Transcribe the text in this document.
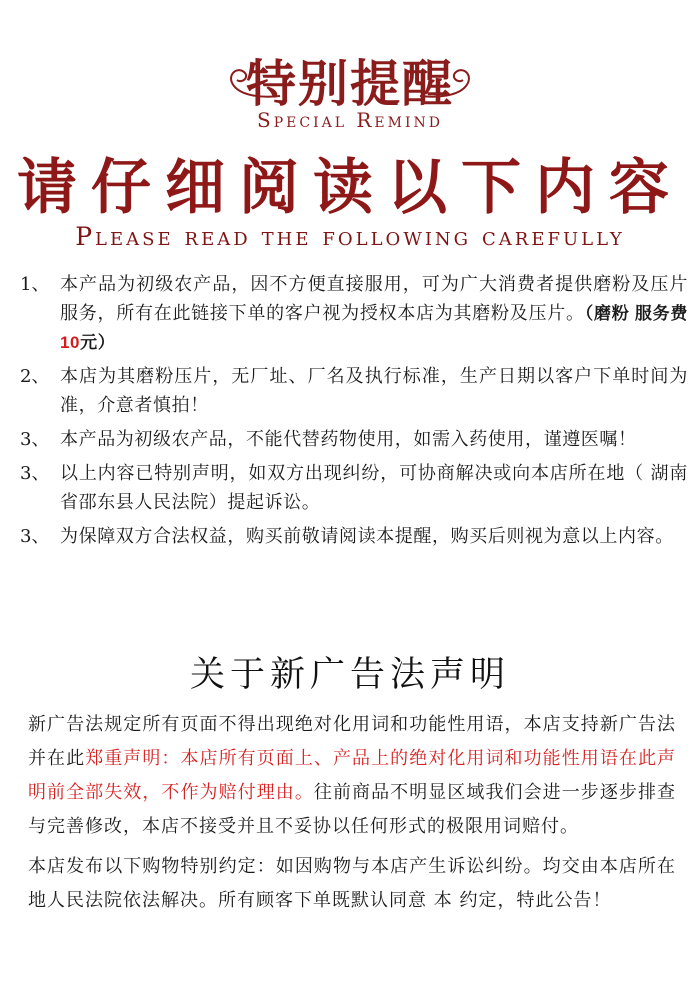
特别提醒
Special Remind
请仔细阅读以下内容
Please read the following carefully
1、 本产品为初级农产品，因不方便直接服用，可为广大消费者提供磨粉及压片服务，所有在此链接下单的客户视为授权本店为其磨粉及压片。（磨粉 服务费10元）
2、 本店为其磨粉压片，无厂址、厂名及执行标准，生产日期以客户下单时间为准，介意者慎拍！
3、 本产品为初级农产品，不能代替药物使用，如需入药使用，谨遵医嘱！
3、 以上内容已特别声明，如双方出现纠纷，可协商解决或向本店所在地（ 湖南省邵东县人民法院）提起诉讼。
3、 为保障双方合法权益，购买前敬请阅读本提醒，购买后则视为意以上内容。
关于新广告法声明

新广告法规定所有页面不得出现绝对化用词和功能性用语，本店支持新广告法并在此郑重声明：本店所有页面上、产品上的绝对化用词和功能性用语在此声明前全部失效，不作为赔付理由。往前商品不明显区域我们会进一步逐步排查与完善修改，本店不接受并且不妥协以任何形式的极限用词赔付。

本店发布以下购物特别约定：如因购物与本店产生诉讼纠纷。均交由本店所在地人民法院依法解决。所有顾客下单既默认同意 本 约定，特此公告！
